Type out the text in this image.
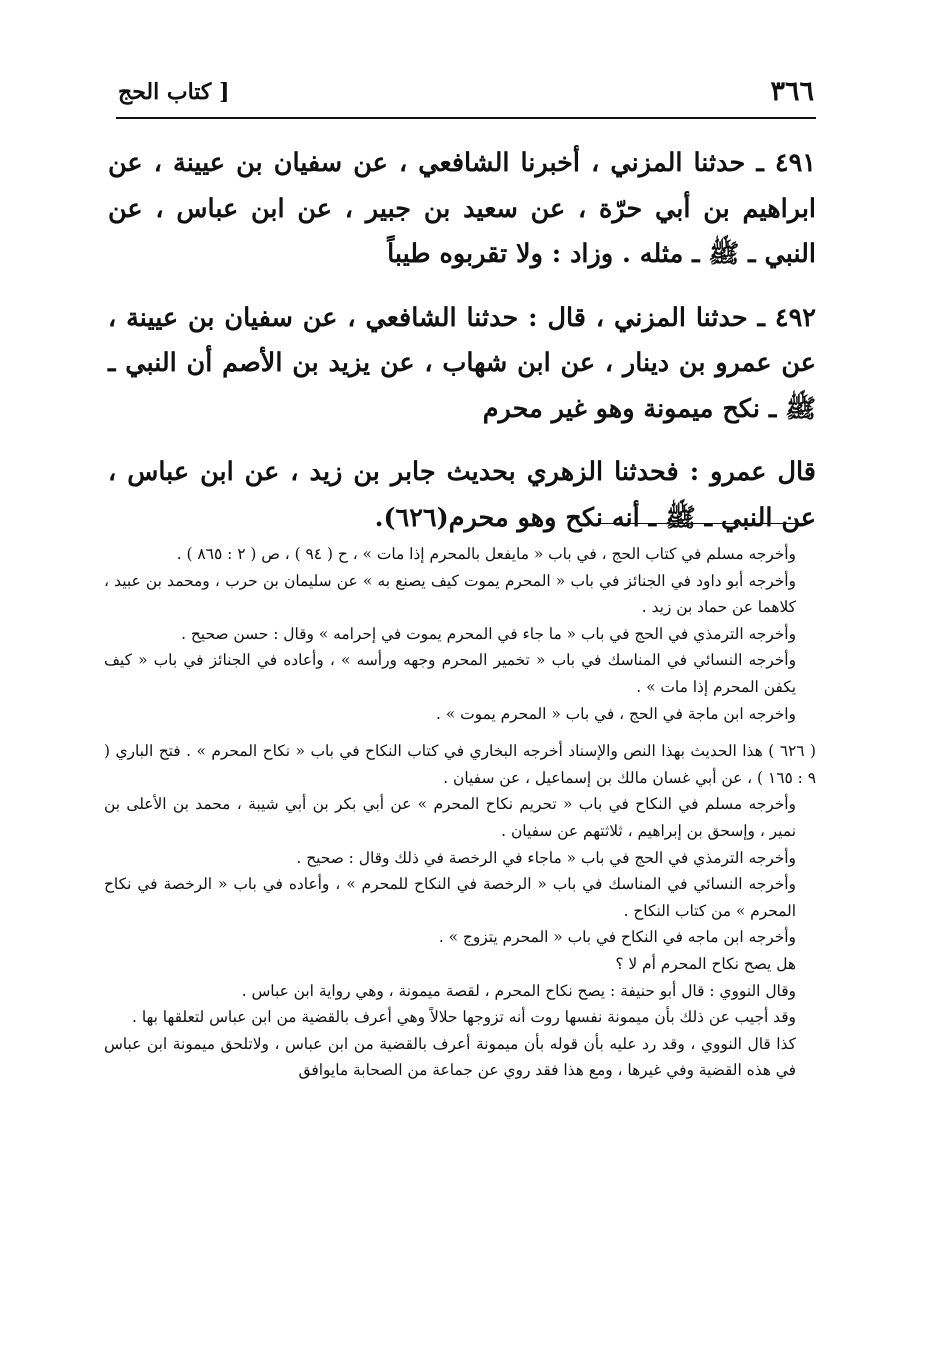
٣٦٦
[ كتاب الحج

٤٩١ ـ حدثنا المزني ، أخبرنا الشافعي ، عن سفيان بن عيينة ، عن ابراهيم بن أبي حرّة ، عن سعيد بن جبير ، عن ابن عباس ، عن النبي ـ ﷺ ـ مثله . وزاد : ولا تقربوه طيباً

٤٩٢ ـ حدثنا المزني ، قال : حدثنا الشافعي ، عن سفيان بن عيينة ، عن عمرو بن دينار ، عن ابن شهاب ، عن يزيد بن الأصم أن النبي ـ ﷺ ـ نكح ميمونة وهو غير محرم

قال عمرو : فحدثنا الزهري بحديث جابر بن زيد ، عن ابن عباس ، عن النبي ـ ﷺ ـ أنه نكح وهو محرم(٦٢٦).

وأخرجه مسلم في كتاب الحج ، في باب « مايفعل بالمحرم إذا مات » ، ح ( ٩٤ ) ، ص ( ٢ : ٨٦٥ ) .

وأخرجه أبو داود في الجنائز في باب « المحرم يموت كيف يصنع به » عن سليمان بن حرب ، ومحمد بن عبيد ، كلاهما عن حماد بن زيد .

وأخرجه الترمذي في الحج في باب « ما جاء في المحرم يموت في إحرامه » وقال : حسن صحيح .

وأخرجه النسائي في المناسك في باب « تخمير المحرم وجهه ورأسه » ، وأعاده في الجنائز في باب « كيف يكفن المحرم إذا مات » .

واخرجه ابن ماجة في الحج ، في باب « المحرم يموت » .

( ٦٢٦ ) هذا الحديث بهذا النص والإسناد أخرجه البخاري في كتاب النكاح في باب « نكاح المحرم » . فتح الباري ( ٩ : ١٦٥ ) ، عن أبي غسان مالك بن إسماعيل ، عن سفيان .

وأخرجه مسلم في النكاح في باب « تحريم نكاح المحرم » عن أبي بكر بن أبي شيبة ، محمد بن الأعلى بن نمير ، وإسحق بن إبراهيم ، ثلاثتهم عن سفيان .

وأخرجه الترمذي في الحج في باب « ماجاء في الرخصة في ذلك وقال : صحيح .

وأخرجه النسائي في المناسك في باب « الرخصة في النكاح للمحرم » ، وأعاده في باب « الرخصة في نكاح المحرم » من كتاب النكاح .

وأخرجه ابن ماجه في النكاح في باب « المحرم يتزوج » .

هل يصح نكاح المحرم أم لا ؟

وقال النووي : قال أبو حنيفة : يصح نكاح المحرم ، لقصة ميمونة ، وهي رواية ابن عباس .

وقد أجيب عن ذلك بأن ميمونة نفسها روت أنه تزوجها حلالاً وهي أعرف بالقضية من ابن عباس لتعلقها بها .

كذا قال النووي ، وقد رد عليه بأن قوله بأن ميمونة أعرف بالقضية من ابن عباس ، ولاتلحق ميمونة ابن عباس في هذه القضية وفي غيرها ، ومع هذا فقد روي عن جماعة من الصحابة مايوافق
